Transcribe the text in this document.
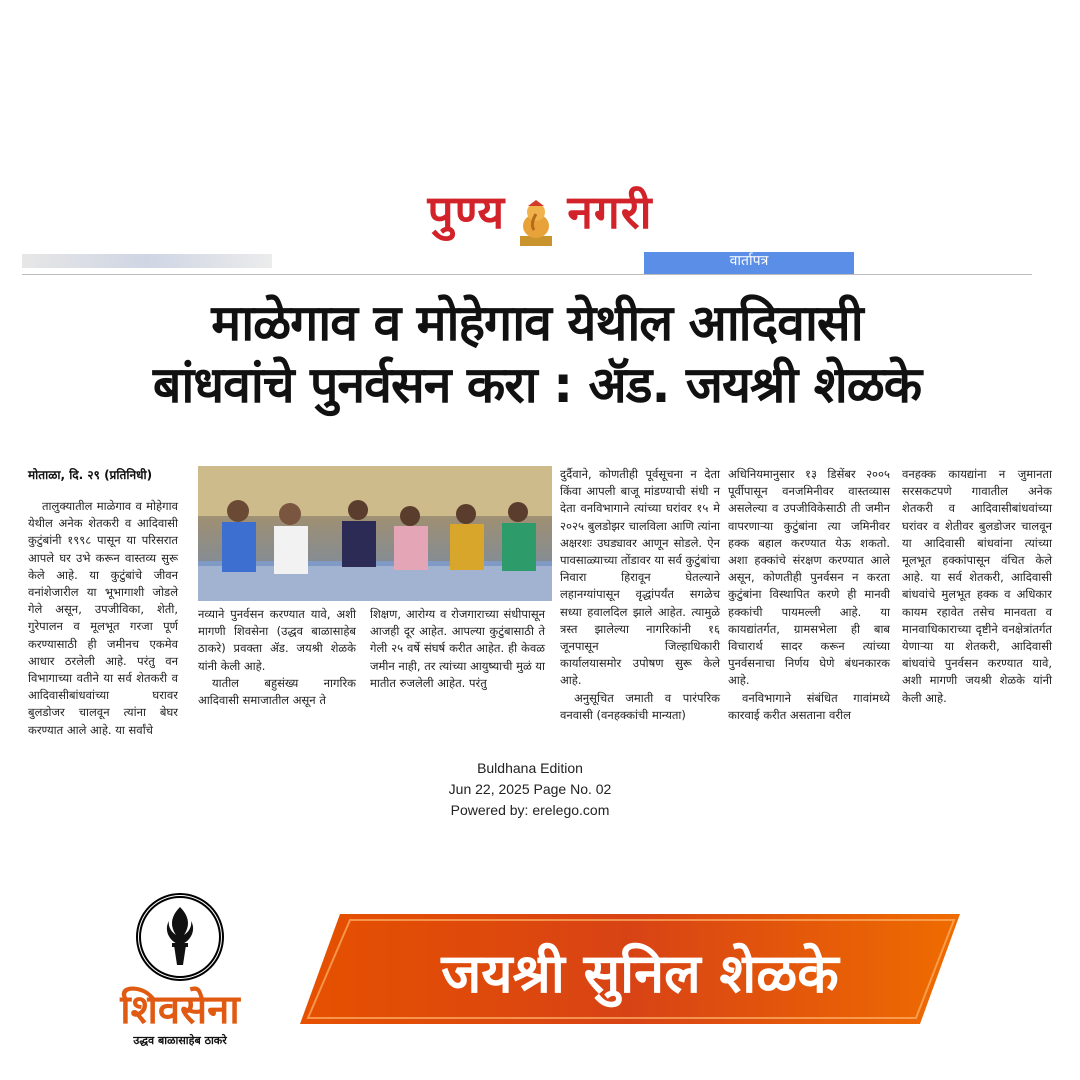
पुण्य नगरी
वार्तापत्र
माळेगाव व मोहेगाव येथील आदिवासी
बांधवांचे पुनर्वसन करा : ॲड. जयश्री शेळके
मोताळा, दि. २९ (प्रतिनिधी)

तालुक्यातील माळेगाव व मोहेगाव येथील अनेक शेतकरी व आदिवासी कुटुंबांनी १९९८ पासून या परिसरात आपले घर उभे करून वास्तव्य सुरू केले आहे. या कुटुंबांचे जीवन वनांशेजारील या भूभागाशी जोडले गेले असून, उपजीविका, शेती, गुरेपालन व मूलभूत गरजा पूर्ण करण्यासाठी ही जमीनच एकमेव आधार ठरलेली आहे. परंतु वन विभागाच्या वतीने या सर्व शेतकरी व आदिवासीबांधवांच्या घरावर बुलडोजर चालवून त्यांना बेघर करण्यात आले आहे. या सर्वांचे

नव्याने पुनर्वसन करण्यात यावे, अशी मागणी शिवसेना (उद्धव बाळासाहेब ठाकरे) प्रवक्ता ॲड. जयश्री शेळके यांनी केली आहे.

यातील बहुसंख्य नागरिक आदिवासी समाजातील असून ते

शिक्षण, आरोग्य व रोजगाराच्या संधीपासून आजही दूर आहेत. आपल्या कुटुंबासाठी ते गेली २५ वर्षे संघर्ष करीत आहेत. ही केवळ जमीन नाही, तर त्यांच्या आयुष्याची मुळं या मातीत रुजलेली आहेत. परंतु

दुर्दैवाने, कोणतीही पूर्वसूचना न देता किंवा आपली बाजू मांडण्याची संधी न देता वनविभागाने त्यांच्या घरांवर १५ मे २०२५ बुलडोझर चालविला आणि त्यांना अक्षरशः उघड्यावर आणून सोडले. ऐन पावसाळ्याच्या तोंडावर या सर्व कुटुंबांचा निवारा हिरावून घेतल्याने लहानग्यांपासून वृद्धांपर्यंत सगळेच सध्या हवालदिल झाले आहेत. त्यामुळे त्रस्त झालेल्या नागरिकांनी १६ जूनपासून जिल्हाधिकारी कार्यालयासमोर उपोषण सुरू केले आहे.

अनुसूचित जमाती व पारंपरिक वनवासी (वनहक्कांची मान्यता)

अधिनियमानुसार १३ डिसेंबर २००५ पूर्वीपासून वनजमिनीवर वास्तव्यास असलेल्या व उपजीविकेसाठी ती जमीन वापरणाऱ्या कुटुंबांना त्या जमिनीवर हक्क बहाल करण्यात येऊ शकतो. अशा हक्कांचे संरक्षण करण्यात आले असून, कोणतीही पुनर्वसन न करता कुटुंबांना विस्थापित करणे ही मानवी हक्कांची पायमल्ली आहे. या कायद्यांतर्गत, ग्रामसभेला ही बाब विचारार्थ सादर करून त्यांच्या पुनर्वसनाचा निर्णय घेणे बंधनकारक आहे.

वनविभागाने संबंधित गावांमध्ये कारवाई करीत असताना वरील

वनहक्क कायद्यांना न जुमानता सरसकटपणे गावातील अनेक शेतकरी व आदिवासीबांधवांच्या घरांवर व शेतीवर बुलडोजर चालवून या आदिवासी बांधवांना त्यांच्या मूलभूत हक्कांपासून वंचित केले आहे. या सर्व शेतकरी, आदिवासी बांधवांचे मुलभूत हक्क व अधिकार कायम रहावेत तसेच मानवता व मानवाधिकाराच्या दृष्टीने वनक्षेत्रांतर्गत येणाऱ्या या शेतकरी, आदिवासी बांधवांचे पुनर्वसन करण्यात यावे, अशी मागणी जयश्री शेळके यांनी केली आहे.

Buldhana Edition
Jun 22, 2025 Page No. 02
Powered by: erelego.com
शिवसेना
उद्धव बाळासाहेब ठाकरे
जयश्री सुनिल शेळके
